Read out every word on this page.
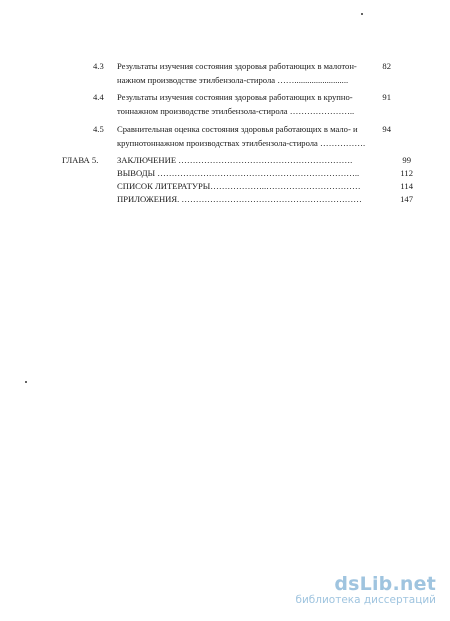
4.3 Результаты изучения состояния здоровья работающих в малотон-	82
нажном производстве этилбензола-стирола …….........................
4.4 Результаты изучения состояния здоровья работающих в крупно-	91
тоннажном производстве этилбензола-стирола …………………..
4.5 Сравнительная оценка состояния здоровья работающих в мало- и	94
крупнотоннажном производствах этилбензола-стирола …………….
ГЛАВА 5. ЗАКЛЮЧЕНИЕ …………………………………………………….	99
ВЫВОДЫ ……………………………………………………………..	112
СПИСОК ЛИТЕРАТУРЫ………………..……………………………	114
ПРИЛОЖЕНИЯ. ………………………………………………………	147
dsLib.net
библиотека диссертаций
